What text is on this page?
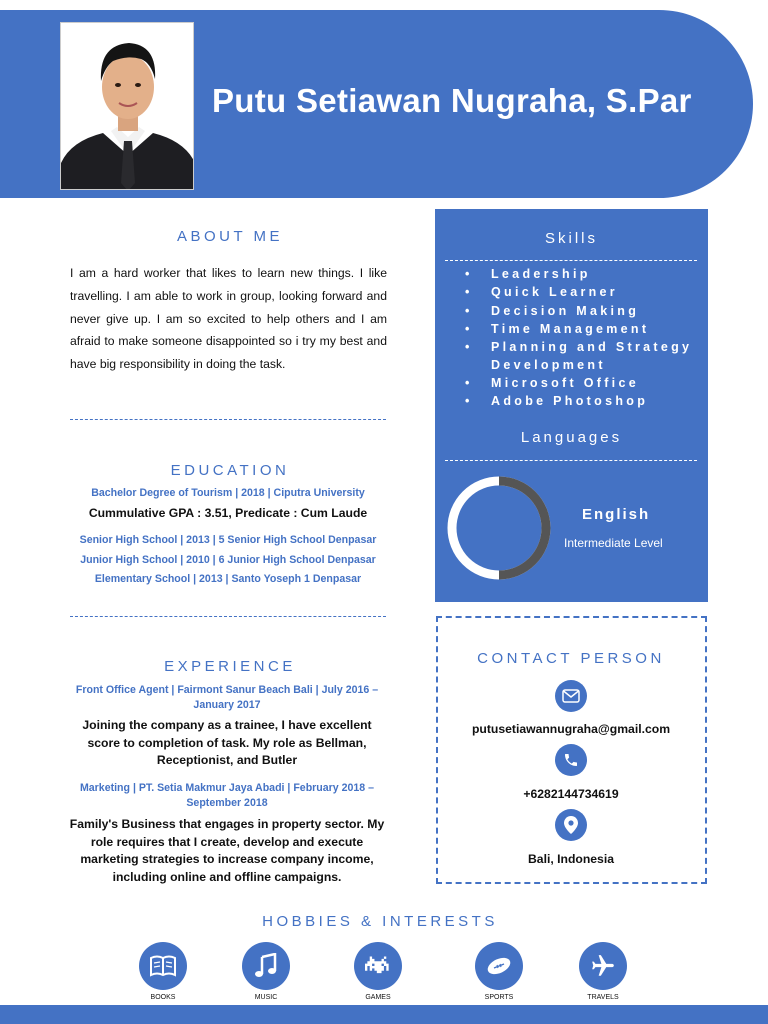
Putu Setiawan Nugraha, S.Par
ABOUT ME
I am a hard worker that likes to learn new things. I like travelling. I am able to work in group, looking forward and never give up. I am so excited to help others and I am afraid to make someone disappointed so i try my best and have big responsibility in doing the task.
EDUCATION
Bachelor Degree of Tourism | 2018 | Ciputra University
Cummulative GPA : 3.51, Predicate : Cum Laude
Senior High School | 2013 | 5 Senior High School Denpasar
Junior High School | 2010 | 6 Junior High School Denpasar
Elementary School | 2013 | Santo Yoseph 1 Denpasar
EXPERIENCE
Front Office Agent | Fairmont Sanur Beach Bali | July 2016 – January 2017
Joining the company as a trainee, I have excellent score to completion of task. My role as Bellman, Receptionist, and Butler
Marketing | PT. Setia Makmur Jaya Abadi | February 2018 – September 2018
Family's Business that engages in property sector. My role requires that I create, develop and execute marketing strategies to increase company income, including online and offline campaigns.
Skills
• Leadership
• Quick Learner
• Decision Making
• Time Management
• Planning and Strategy
Development
• Microsoft Office
• Adobe Photoshop
Languages
English
Intermediate Level
CONTACT PERSON
putusetiawannugraha@gmail.com
+6282144734619
Bali, Indonesia
HOBBIES & INTERESTS
BOOKS	MUSIC	GAMES	SPORTS	TRAVELS
